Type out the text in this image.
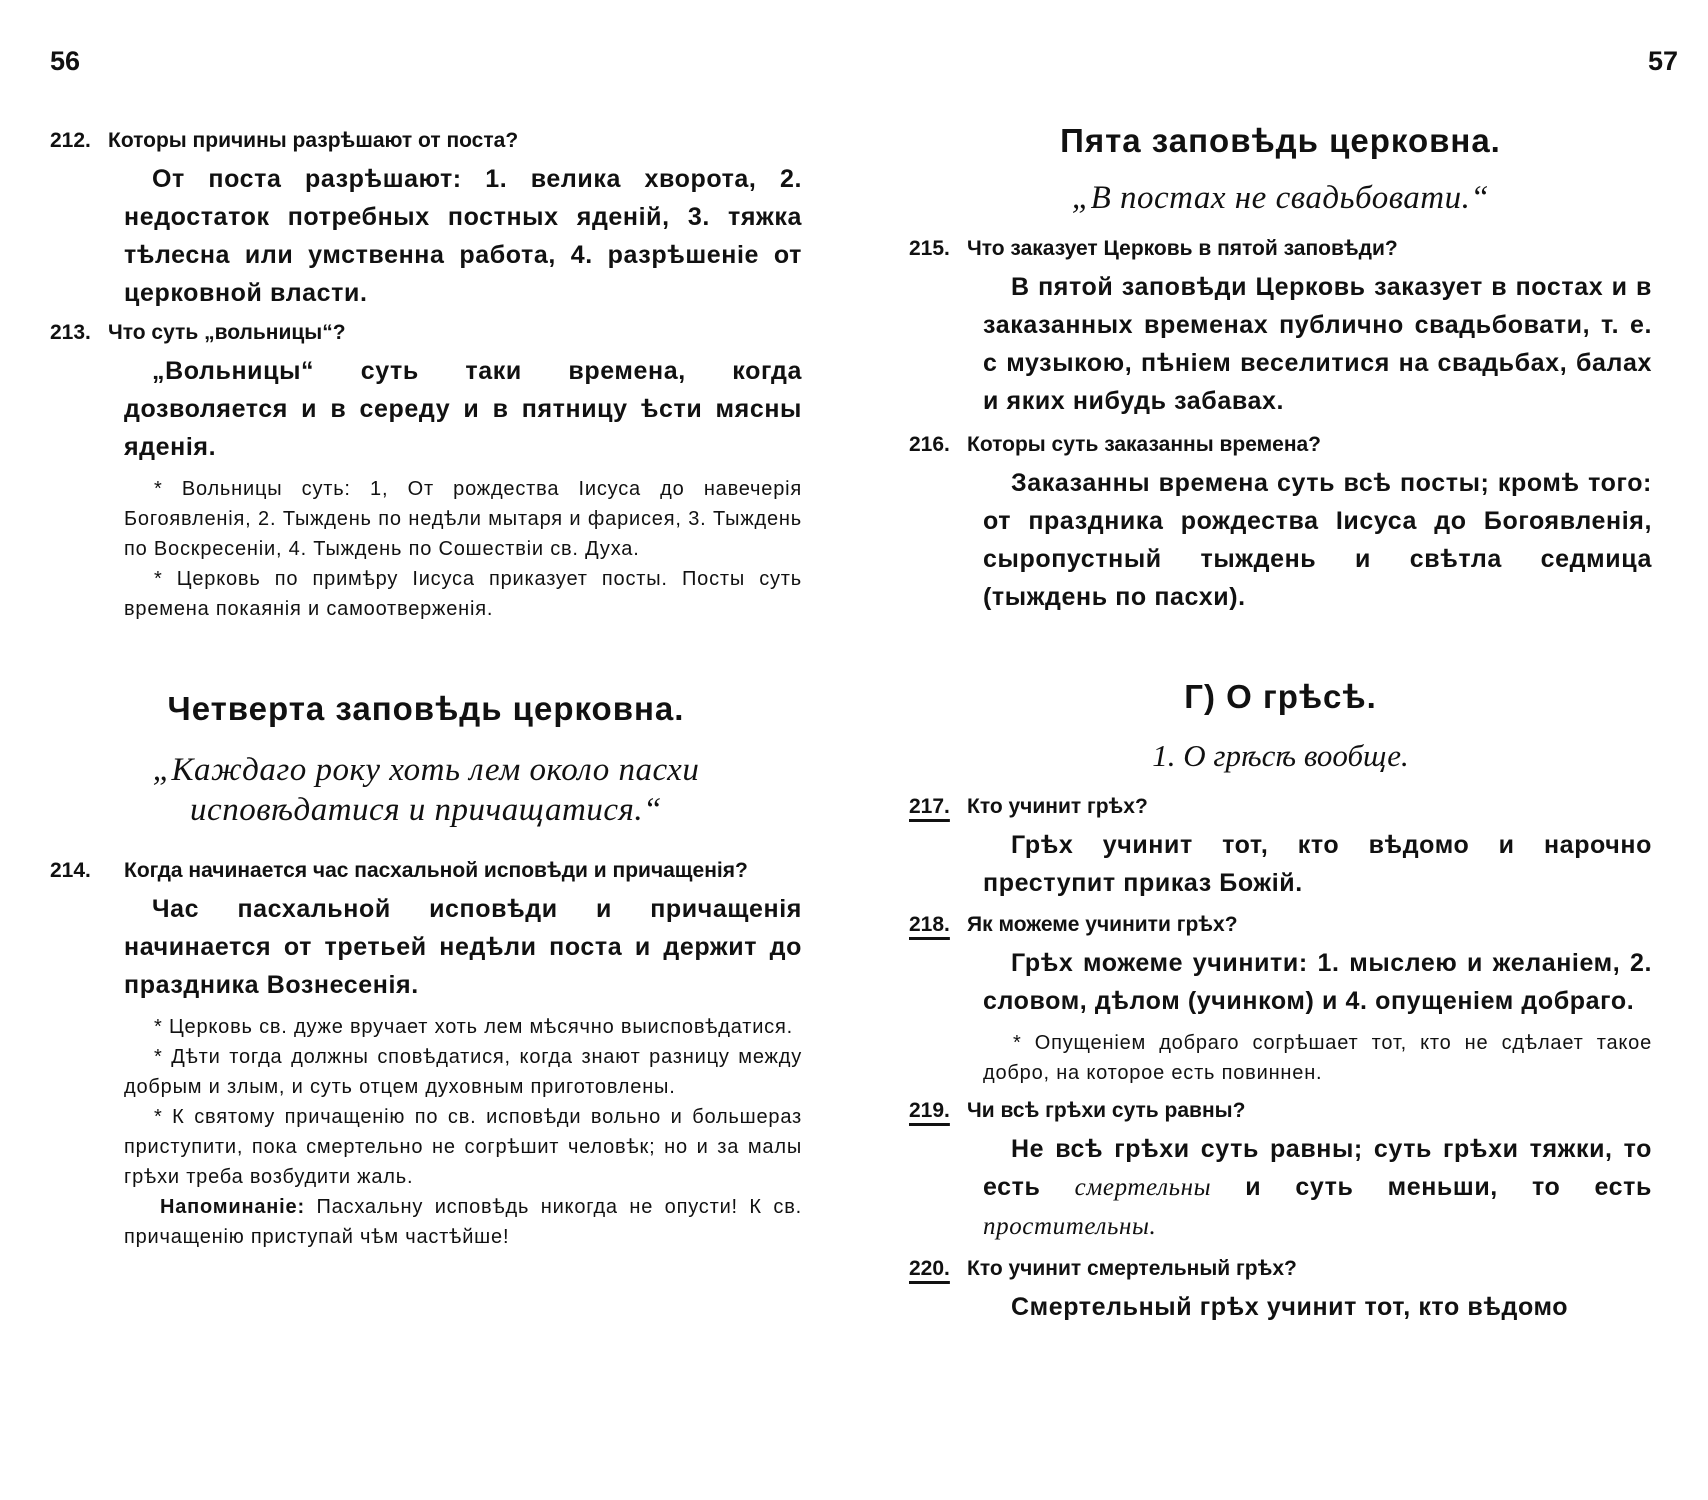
56
212. Которы причины разрѣшают от поста?
От поста разрѣшают: 1. велика хворота, 2. недостаток потребных постных яденій, 3. тяжка тѣлесна или умственна работа, 4. разрѣшеніе от церковной власти.
213. Что суть „вольницы“?
„Вольницы“ суть таки времена, когда дозволяется и в середу и в пятницу ѣсти мясны яденія.
* Вольницы суть: 1, От рождества Іисуса до навечерія Богоявленія, 2. Тыждень по недѣли мытаря и фарисея, 3. Тыждень по Воскресеніи, 4. Тыждень по Сошествіи св. Духа.
* Церковь по примѣру Іисуса приказует посты. Посты суть времена покаянія и самоотверженія.
Четверта заповѣдь церковна.
„Каждаго року хоть лем около пасхи
исповѣдатися и причащатися.“
214.	Когда начинается час пасхальной исповѣди и причащенія?
Час пасхальной исповѣди и причащенія начинается от третьей недѣли поста и держит до праздника Вознесенія.
* Церковь св. дуже вручает хоть лем мѣсячно выисповѣдатися.
* Дѣти тогда должны сповѣдатися, когда знают разницу между добрым и злым, и суть отцем духовным приготовлены.
* К святому причащенію по св. исповѣди вольно и большераз приступити, пока смертельно не согрѣшит человѣк; но и за малы грѣхи треба возбудити жаль.
Напоминаніе: Пасхальну исповѣдь никогда не опусти! К св. причащенію приступай чѣм частѣйше!
57
Пята заповѣдь церковна.
„В постах не свадьбовати.“
215. Что заказует Церковь в пятой заповѣди?
В пятой заповѣди Церковь заказует в постах и в заказанных временах публично свадьбовати, т. е. с музыкою, пѣніем веселитися на свадьбах, балах и яких нибудь забавах.
216. Которы суть заказанны времена?
Заказанны времена суть всѣ посты; кромѣ того: от праздника рождества Іисуса до Богоявленія, сыропустный тыждень и свѣтла седмица (тыждень по пасхи).
Г) О грѣсѣ.
1. О грѣсѣ вообще.
217. Кто учинит грѣх?
Грѣх учинит тот, кто вѣдомо и нарочно преступит приказ Божій.
218. Як можеме учинити грѣх?
Грѣх можеме учинити: 1. мыслею и желаніем, 2. словом, дѣлом (учинком) и 4. опущеніем добраго.
* Опущеніем добраго согрѣшает тот, кто не сдѣлает такое добро, на которое есть повиннен.
219. Чи всѣ грѣхи суть равны?
Не всѣ грѣхи суть равны; суть грѣхи тяжки, то есть смертельны и суть меньши, то есть простительны.
220. Кто учинит смертельный грѣх?
Смертельный грѣх учинит тот, кто вѣдомо
